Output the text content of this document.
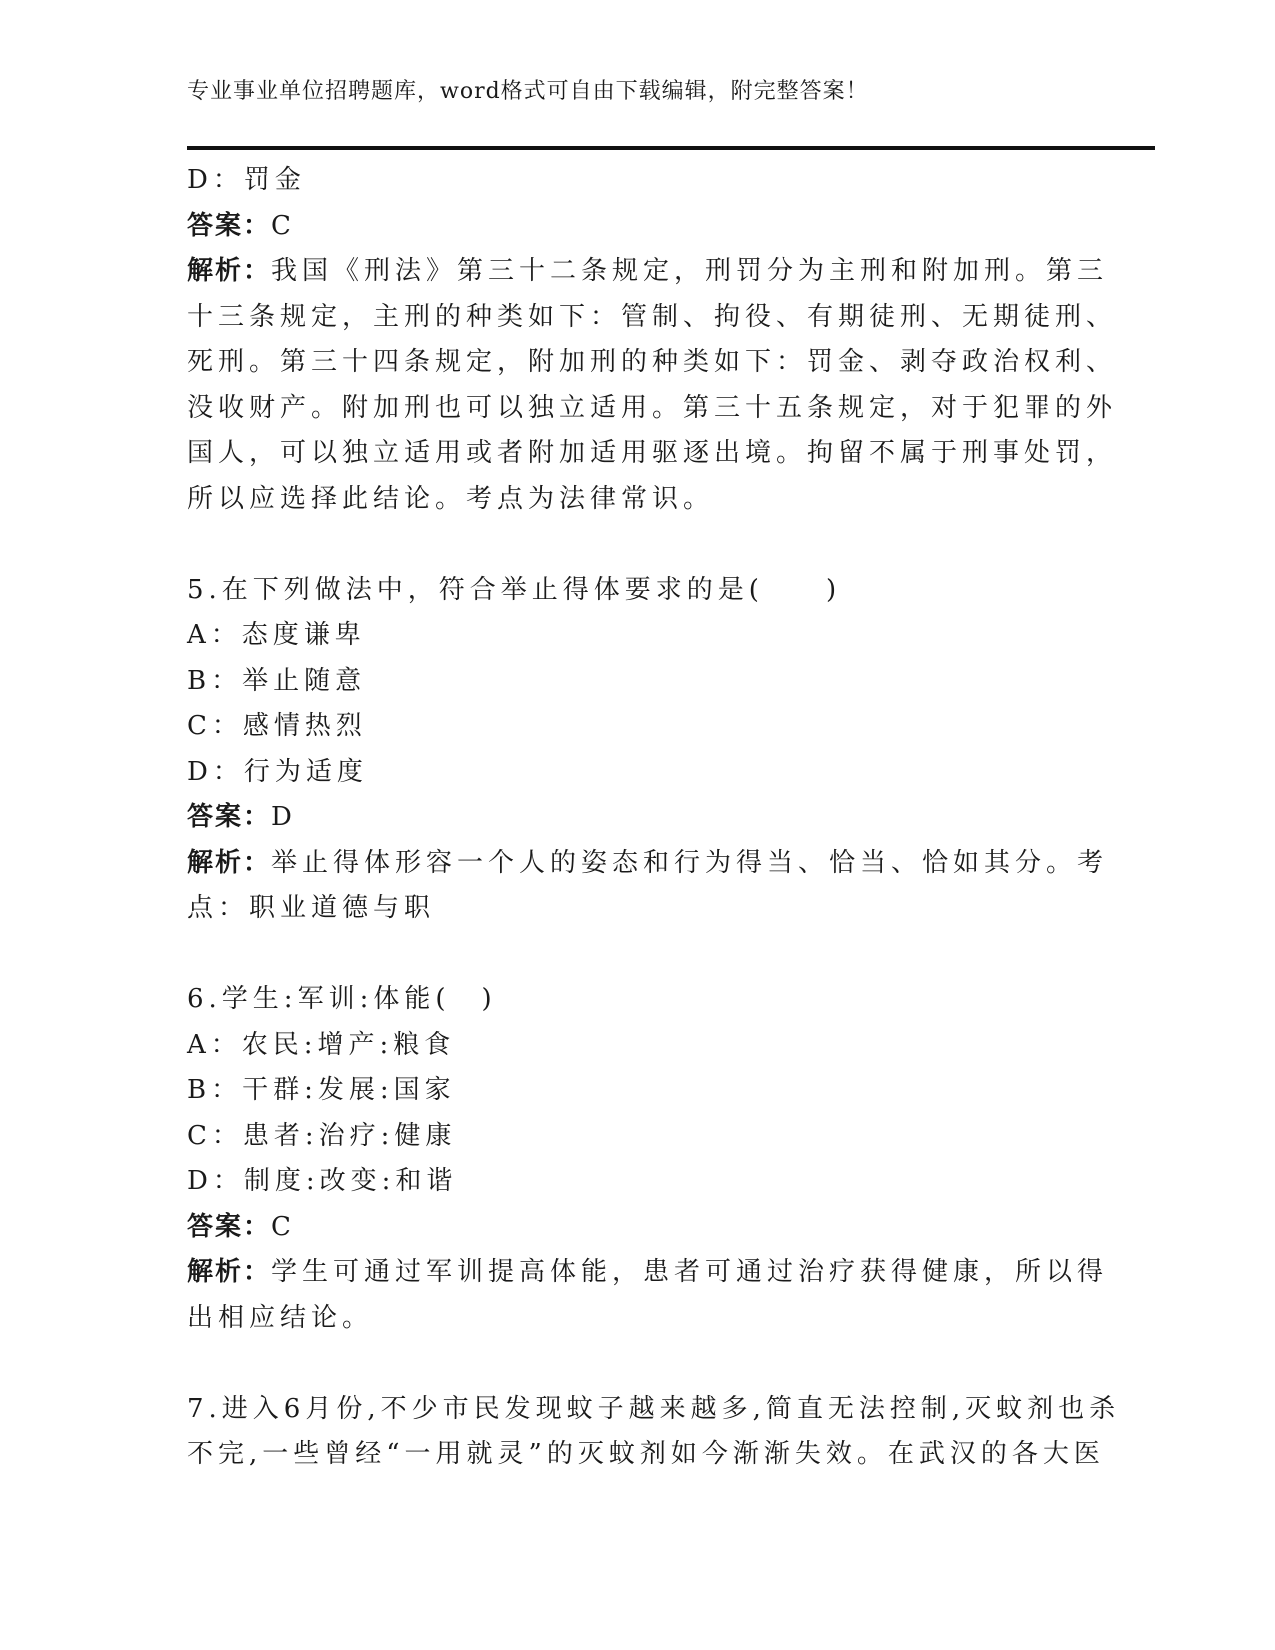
专业事业单位招聘题库，word格式可自由下载编辑，附完整答案！
D：罚金
答案：C
解析：我国《刑法》第三十二条规定，刑罚分为主刑和附加刑。第三
十三条规定，主刑的种类如下：管制、拘役、有期徒刑、无期徒刑、
死刑。第三十四条规定，附加刑的种类如下：罚金、剥夺政治权利、
没收财产。附加刑也可以独立适用。第三十五条规定，对于犯罪的外
国人，可以独立适用或者附加适用驱逐出境。拘留不属于刑事处罚，
所以应选择此结论。考点为法律常识。
5.在下列做法中，符合举止得体要求的是(　　)
A：态度谦卑
B：举止随意
C：感情热烈
D：行为适度
答案：D
解析：举止得体形容一个人的姿态和行为得当、恰当、恰如其分。考
点：职业道德与职
6.学生:军训:体能(　)
A：农民:增产:粮食
B：干群:发展:国家
C：患者:治疗:健康
D：制度:改变:和谐
答案：C
解析：学生可通过军训提高体能，患者可通过治疗获得健康，所以得
出相应结论。
7.进入6月份,不少市民发现蚊子越来越多,简直无法控制,灭蚊剂也杀
不完,一些曾经“一用就灵”的灭蚊剂如今渐渐失效。在武汉的各大医
